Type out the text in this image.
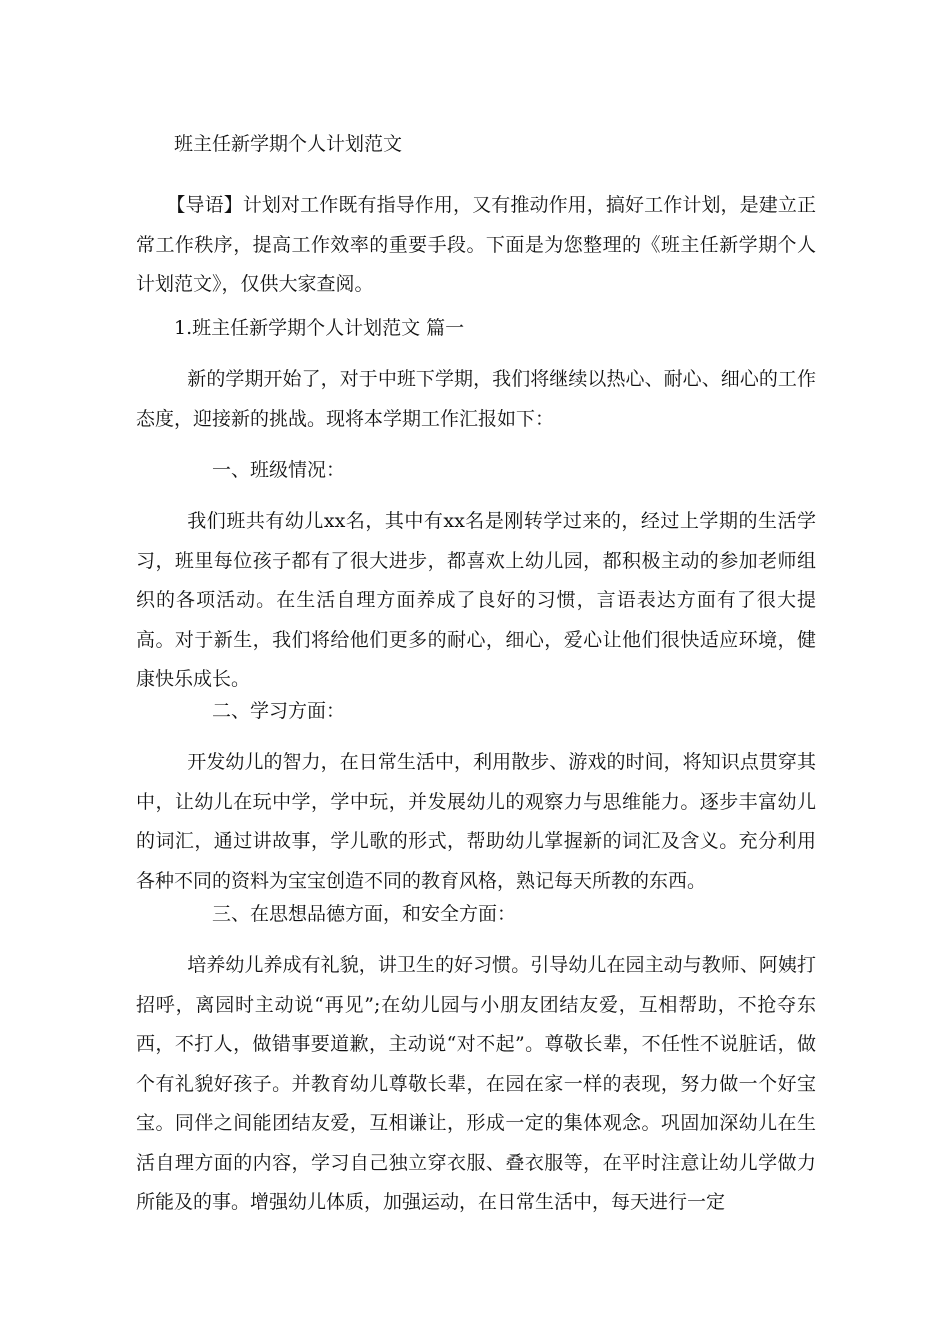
班主任新学期个人计划范文

【导语】计划对工作既有指导作用，又有推动作用，搞好工作计划，是建立正常工作秩序，提高工作效率的重要手段。下面是为您整理的《班主任新学期个人计划范文》，仅供大家查阅。

1.班主任新学期个人计划范文 篇一

新的学期开始了，对于中班下学期，我们将继续以热心、耐心、细心的工作态度，迎接新的挑战。现将本学期工作汇报如下：

一、班级情况：

我们班共有幼儿xx名，其中有xx名是刚转学过来的，经过上学期的生活学习，班里每位孩子都有了很大进步，都喜欢上幼儿园，都积极主动的参加老师组织的各项活动。在生活自理方面养成了良好的习惯，言语表达方面有了很大提高。对于新生，我们将给他们更多的耐心，细心，爱心让他们很快适应环境，健康快乐成长。

二、学习方面：

开发幼儿的智力，在日常生活中，利用散步、游戏的时间，将知识点贯穿其中，让幼儿在玩中学，学中玩，并发展幼儿的观察力与思维能力。逐步丰富幼儿的词汇，通过讲故事，学儿歌的形式，帮助幼儿掌握新的词汇及含义。充分利用各种不同的资料为宝宝创造不同的教育风格，熟记每天所教的东西。

三、在思想品德方面，和安全方面：

培养幼儿养成有礼貌，讲卫生的好习惯。引导幼儿在园主动与教师、阿姨打招呼，离园时主动说“再见”;在幼儿园与小朋友团结友爱，互相帮助，不抢夺东西，不打人，做错事要道歉，主动说“对不起”。尊敬长辈，不任性不说脏话，做个有礼貌好孩子。并教育幼儿尊敬长辈，在园在家一样的表现，努力做一个好宝宝。同伴之间能团结友爱，互相谦让，形成一定的集体观念。巩固加深幼儿在生活自理方面的内容，学习自己独立穿衣服、叠衣服等，在平时注意让幼儿学做力所能及的事。增强幼儿体质，加强运动，在日常生活中，每天进行一定
